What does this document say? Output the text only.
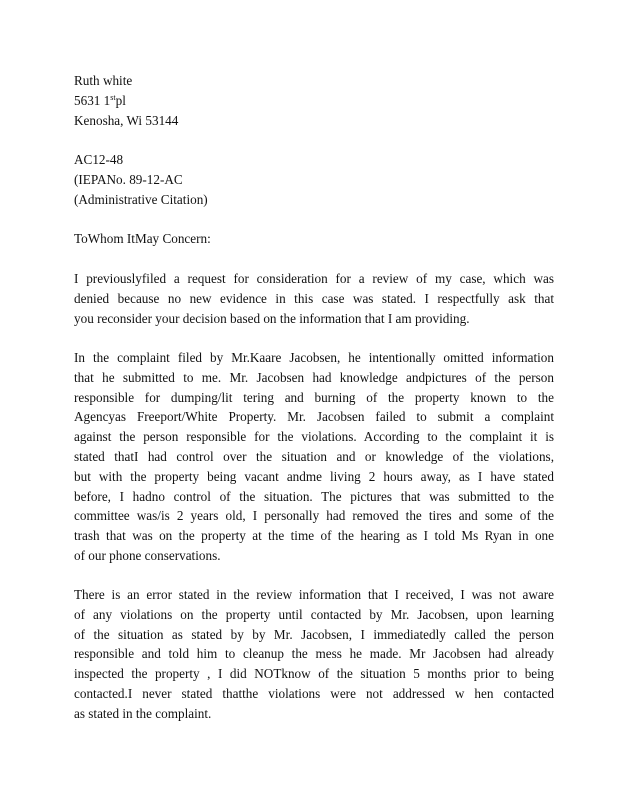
Ruth white
5631 1stpl
Kenosha, Wi 53144
AC12-48
(IEPANo. 89-12-AC
(Administrative Citation)
ToWhom ItMay Concern:
I previouslyfiled a request for consideration for a review of my case, which was
denied because no new evidence in this case was stated. I respectfully ask that
you reconsider your decision based on the information that I am providing.
In the complaint filed by Mr.Kaare Jacobsen, he intentionally omitted information
that he submitted to me. Mr. Jacobsen had knowledge andpictures of the person
responsible for dumping/lit tering and burning of the property known to the
Agencyas Freeport/White Property. Mr. Jacobsen failed to submit a complaint
against the person responsible for the violations. According to the complaint it is
stated thatI had control over the situation and or knowledge of the violations,
but with the property being vacant andme living 2 hours away, as I have stated
before, I hadno control of the situation. The pictures that was submitted to the
committee was/is 2 years old, I personally had removed the tires and some of the
trash that was on the property at the time of the hearing as I told Ms Ryan in one
of our phone conservations.
There is an error stated in the review information that I received, I was not aware
of any violations on the property until contacted by Mr. Jacobsen, upon learning
of the situation as stated by by Mr. Jacobsen, I immediatedly called the person
responsible and told him to cleanup the mess he made. Mr Jacobsen had already
inspected the property , I did NOTknow of the situation 5 months prior to being
contacted.I never stated thatthe violations were not addressed w hen contacted
as stated in the complaint.
